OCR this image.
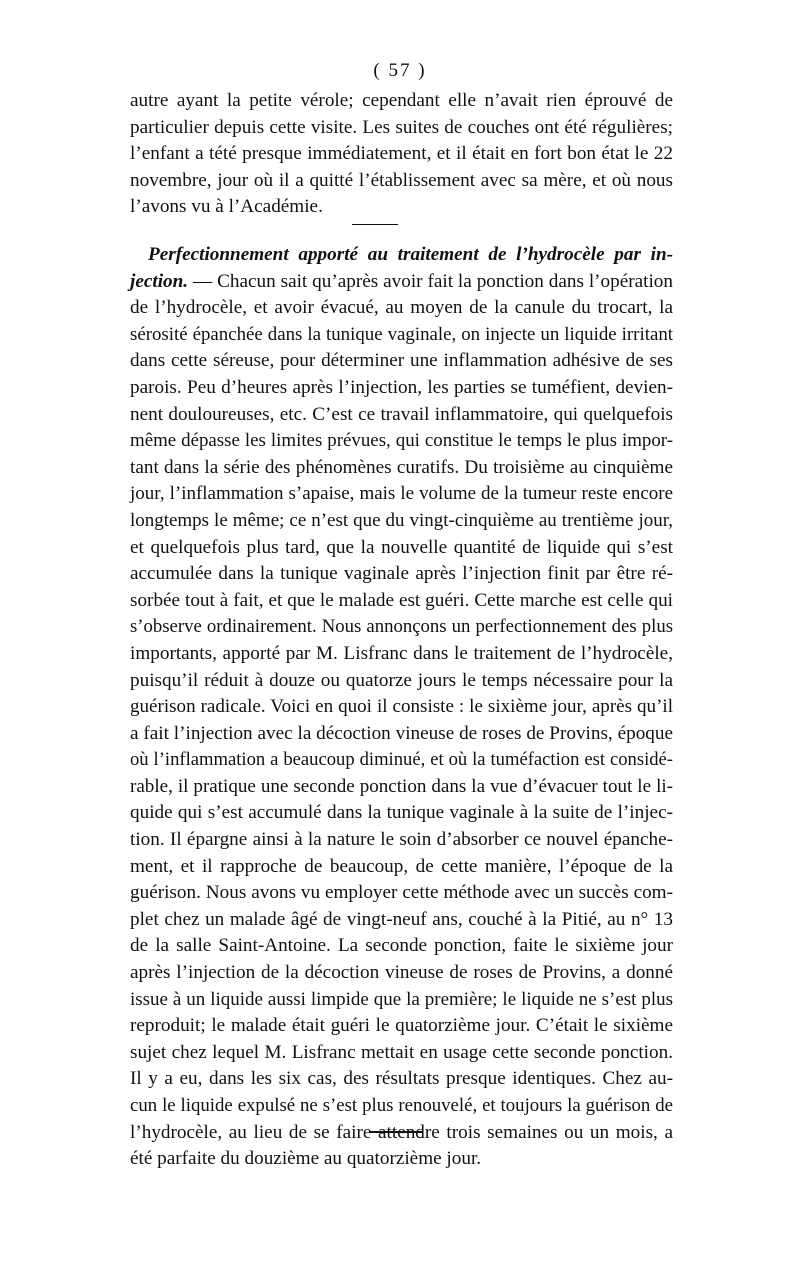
( 57 )
autre ayant la petite vérole; cependant elle n’avait rien éprouvé de
particulier depuis cette visite. Les suites de couches ont été régulières;
l’enfant a tété presque immédiatement, et il était en fort bon état le 22
novembre, jour où il a quitté l’établissement avec sa mère, et où nous
l’avons vu à l’Académie.
Perfectionnement apporté au traitement de l’hydrocèle par in-
jection. — Chacun sait qu’après avoir fait la ponction dans l’opération
de l’hydrocèle, et avoir évacué, au moyen de la canule du trocart, la
sérosité épanchée dans la tunique vaginale, on injecte un liquide irritant
dans cette séreuse, pour déterminer une inflammation adhésive de ses
parois. Peu d’heures après l’injection, les parties se tuméfient, devien-
nent douloureuses, etc. C’est ce travail inflammatoire, qui quelquefois
même dépasse les limites prévues, qui constitue le temps le plus impor-
tant dans la série des phénomènes curatifs. Du troisième au cinquième
jour, l’inflammation s’apaise, mais le volume de la tumeur reste encore
longtemps le même; ce n’est que du vingt-cinquième au trentième jour,
et quelquefois plus tard, que la nouvelle quantité de liquide qui s’est
accumulée dans la tunique vaginale après l’injection finit par être ré-
sorbée tout à fait, et que le malade est guéri. Cette marche est celle qui
s’observe ordinairement. Nous annonçons un perfectionnement des plus
importants, apporté par M. Lisfranc dans le traitement de l’hydrocèle,
puisqu’il réduit à douze ou quatorze jours le temps nécessaire pour la
guérison radicale. Voici en quoi il consiste : le sixième jour, après qu’il
a fait l’injection avec la décoction vineuse de roses de Provins, époque
où l’inflammation a beaucoup diminué, et où la tuméfaction est considé-
rable, il pratique une seconde ponction dans la vue d’évacuer tout le li-
quide qui s’est accumulé dans la tunique vaginale à la suite de l’injec-
tion. Il épargne ainsi à la nature le soin d’absorber ce nouvel épanche-
ment, et il rapproche de beaucoup, de cette manière, l’époque de la
guérison. Nous avons vu employer cette méthode avec un succès com-
plet chez un malade âgé de vingt-neuf ans, couché à la Pitié, au n° 13
de la salle Saint-Antoine. La seconde ponction, faite le sixième jour
après l’injection de la décoction vineuse de roses de Provins, a donné
issue à un liquide aussi limpide que la première; le liquide ne s’est plus
reproduit; le malade était guéri le quatorzième jour. C’était le sixième
sujet chez lequel M. Lisfranc mettait en usage cette seconde ponction.
Il y a eu, dans les six cas, des résultats presque identiques. Chez au-
cun le liquide expulsé ne s’est plus renouvelé, et toujours la guérison de
l’hydrocèle, au lieu de se faire attendre trois semaines ou un mois, a
été parfaite du douzième au quatorzième jour.
